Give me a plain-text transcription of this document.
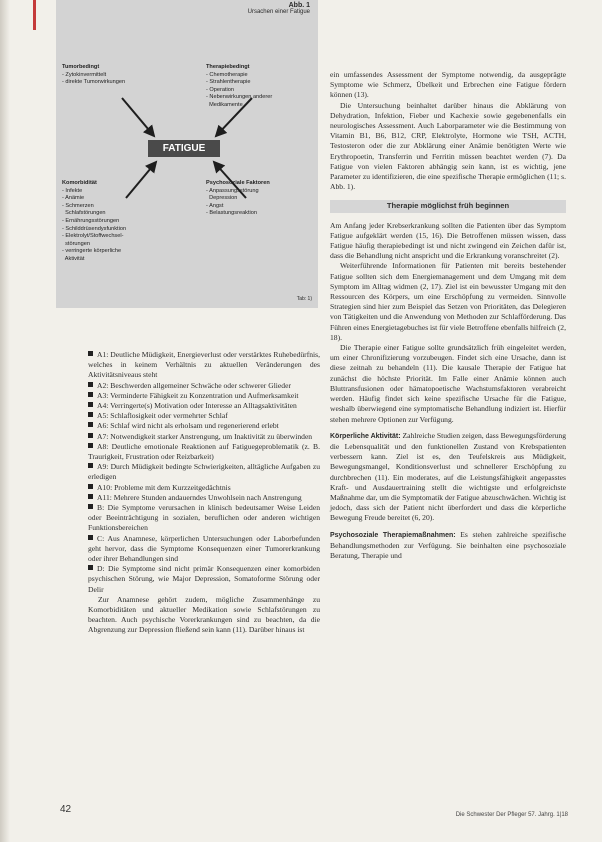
Abb. 1
Ursachen einer Fatigue
Tumorbedingt
- Zytokinvermittelt
- direkte Tumorwirkungen
Therapiebedingt
- Chemotherapie
- Strahlentherapie
- Operation
- Nebenwirkungen anderer
Medikamente
FATIGUE
Komorbidität
- Infekte
- Anämie
- Schmerzen
Schlafstörungen
- Ernährungsstörungen
- Schilddrüsendysfunktion
- Elektrolyt/Stoffwechsel-
störungen
- verringerte körperliche
Aktivität
Psychosoziale Faktoren
- Anpassungsstörung
Depression
- Angst
- Belastungsreaktion
Tab: 1)

A1: Deutliche Müdigkeit, Energieverlust oder verstärktes Ruhebedürfnis, welches in keinem Verhältnis zu aktuellen Veränderungen des Aktivitätsniveaus steht

A2: Beschwerden allgemeiner Schwäche oder schwerer Glieder

A3: Verminderte Fähigkeit zu Konzentration und Aufmerksamkeit

A4: Verringerte(s) Motivation oder Interesse an Alltagsaktivitäten

A5: Schlaflosigkeit oder vermehrter Schlaf

A6: Schlaf wird nicht als erholsam und regenerierend erlebt

A7: Notwendigkeit starker Anstrengung, um Inaktivität zu überwinden

A8: Deutliche emotionale Reaktionen auf Fatiguegeproblematik (z. B. Traurigkeit, Frustration oder Reizbarkeit)

A9: Durch Müdigkeit bedingte Schwierigkeiten, alltägliche Aufgaben zu erledigen

A10: Probleme mit dem Kurzzeitgedächtnis

A11: Mehrere Stunden andauerndes Unwohlsein nach Anstrengung

B: Die Symptome verursachen in klinisch bedeutsamer Weise Leiden oder Beeinträchtigung in sozialen, beruflichen oder anderen wichtigen Funktionsbereichen

C: Aus Anamnese, körperlichen Untersuchungen oder Laborbefunden geht hervor, dass die Symptome Konsequenzen einer Tumorerkrankung oder ihrer Behandlungen sind

D: Die Symptome sind nicht primär Konsequenzen einer komorbiden psychischen Störung, wie Major Depression, Somatoforme Störung oder Delir

Zur Anamnese gehört zudem, mögliche Zusammenhänge zu Komorbiditäten und aktueller Medikation sowie Schlafstörungen zu beachten. Auch psychische Vorerkrankungen sind zu beachten, da die Abgrenzung zur Depression fließend sein kann (11). Darüber hinaus ist

ein umfassendes Assessment der Symptome notwendig, da ausgeprägte Symptome wie Schmerz, Übelkeit und Erbrechen eine Fatigue fördern können (13).

Die Untersuchung beinhaltet darüber hinaus die Abklärung von Dehydration, Infektion, Fieber und Kachexie sowie gegebenenfalls ein neurologisches Assessment. Auch Laborparameter wie die Bestimmung von Vitamin B1, B6, B12, CRP, Elektrolyte, Hormone wie TSH, ACTH, Testosteron oder die zur Abklärung einer Anämie benötigten Werte wie Erythropoetin, Transferrin und Ferritin müssen beachtet werden (7). Da Fatigue von vielen Faktoren abhängig sein kann, ist es wichtig, jene Parameter zu identifizieren, die eine spezifische Therapie ermöglichen (11; s. Abb. 1).

Therapie möglichst früh beginnen

Am Anfang jeder Krebserkrankung sollten die Patienten über das Symptom Fatigue aufgeklärt werden (15, 16). Die Betroffenen müssen wissen, dass Fatigue häufig therapiebedingt ist und nicht zwingend ein Zeichen dafür ist, dass die Behandlung nicht anspricht und die Erkrankung voranschreitet (2).

Weiterführende Informationen für Patienten mit bereits bestehender Fatigue sollten sich dem Energiemanagement und dem Umgang mit dem Symptom im Alltag widmen (2, 17). Ziel ist ein bewusster Umgang mit den Ressourcen des Körpers, um eine Erschöpfung zu vermeiden. Sinnvolle Strategien sind hier zum Beispiel das Setzen von Prioritäten, das Delegieren von Tätigkeiten und die Anwendung von Methoden zur Schlafförderung. Das Führen eines Energietagebuches ist für viele Betroffene ebenfalls hilfreich (2, 18).

Die Therapie einer Fatigue sollte grundsätzlich früh eingeleitet werden, um einer Chronifizierung vorzubeugen. Findet sich eine Ursache, dann ist diese zeitnah zu behandeln (11). Die kausale Therapie der Fatigue hat zunächst die höchste Priorität. Im Falle einer Anämie können auch Bluttransfusionen oder hämatopoetische Wachstumsfaktoren verabreicht werden. Häufig findet sich keine spezifische Ursache für die Fatigue, weshalb überwiegend eine symptomatische Behandlung indiziert ist. Hierfür stehen mehrere Optionen zur Verfügung.

Körperliche Aktivität: Zahlreiche Studien zeigen, dass Bewegungsförderung die Lebensqualität und den funktionellen Zustand von Krebspatienten verbessern kann. Ziel ist es, den Teufelskreis aus Müdigkeit, Bewegungsmangel, Konditionsverlust und schnellerer Erschöpfung zu durchbrechen (11). Ein moderates, auf die Leistungsfähigkeit angepasstes Kraft- und Ausdauertraining stellt die wichtigste und erfolgreichste Maßnahme dar, um die Symptomatik der Fatigue abzuschwächen. Wichtig ist jedoch, dass sich der Patient nicht überfordert und dass die körperliche Bewegung Freude bereitet (6, 20).

Psychosoziale Therapiemaßnahmen: Es stehen zahlreiche spezifische Behandlungsmethoden zur Verfügung. Sie beinhalten eine psychosoziale Beratung, Therapie und

42	Die Schwester Der Pfleger 57. Jahrg. 1|18
